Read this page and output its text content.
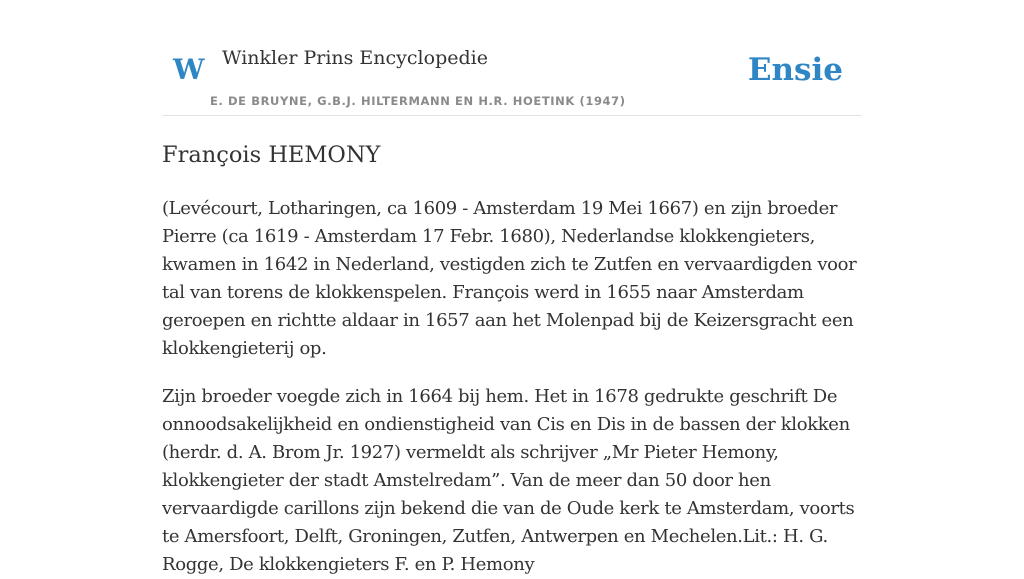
W Winkler Prins Encyclopedie
E. DE BRUYNE, G.B.J. HILTERMANN EN H.R. HOETINK (1947)
Ensie
François HEMONY

(Levécourt, Lotharingen, ca 1609 - Amsterdam 19 Mei 1667) en zijn broeder Pierre (ca 1619 - Amsterdam 17 Febr. 1680), Nederlandse klokkengieters, kwamen in 1642 in Nederland, vestigden zich te Zutfen en vervaardigden voor tal van torens de klokkenspelen. François werd in 1655 naar Amsterdam geroepen en richtte aldaar in 1657 aan het Molenpad bij de Keizersgracht een klokkengieterij op.

Zijn broeder voegde zich in 1664 bij hem. Het in 1678 gedrukte geschrift De onnoodsakelijkheid en ondienstigheid van Cis en Dis in de bassen der klokken (herdr. d. A. Brom Jr. 1927) vermeldt als schrijver „Mr Pieter Hemony, klokkengieter der stadt Amstelredam”. Van de meer dan 50 door hen vervaardigde carillons zijn bekend die van de Oude kerk te Amsterdam, voorts te Amersfoort, Delft, Groningen, Zutfen, Antwerpen en Mechelen.Lit.: H. G. Rogge, De klokkengieters F. en P. Hemony
